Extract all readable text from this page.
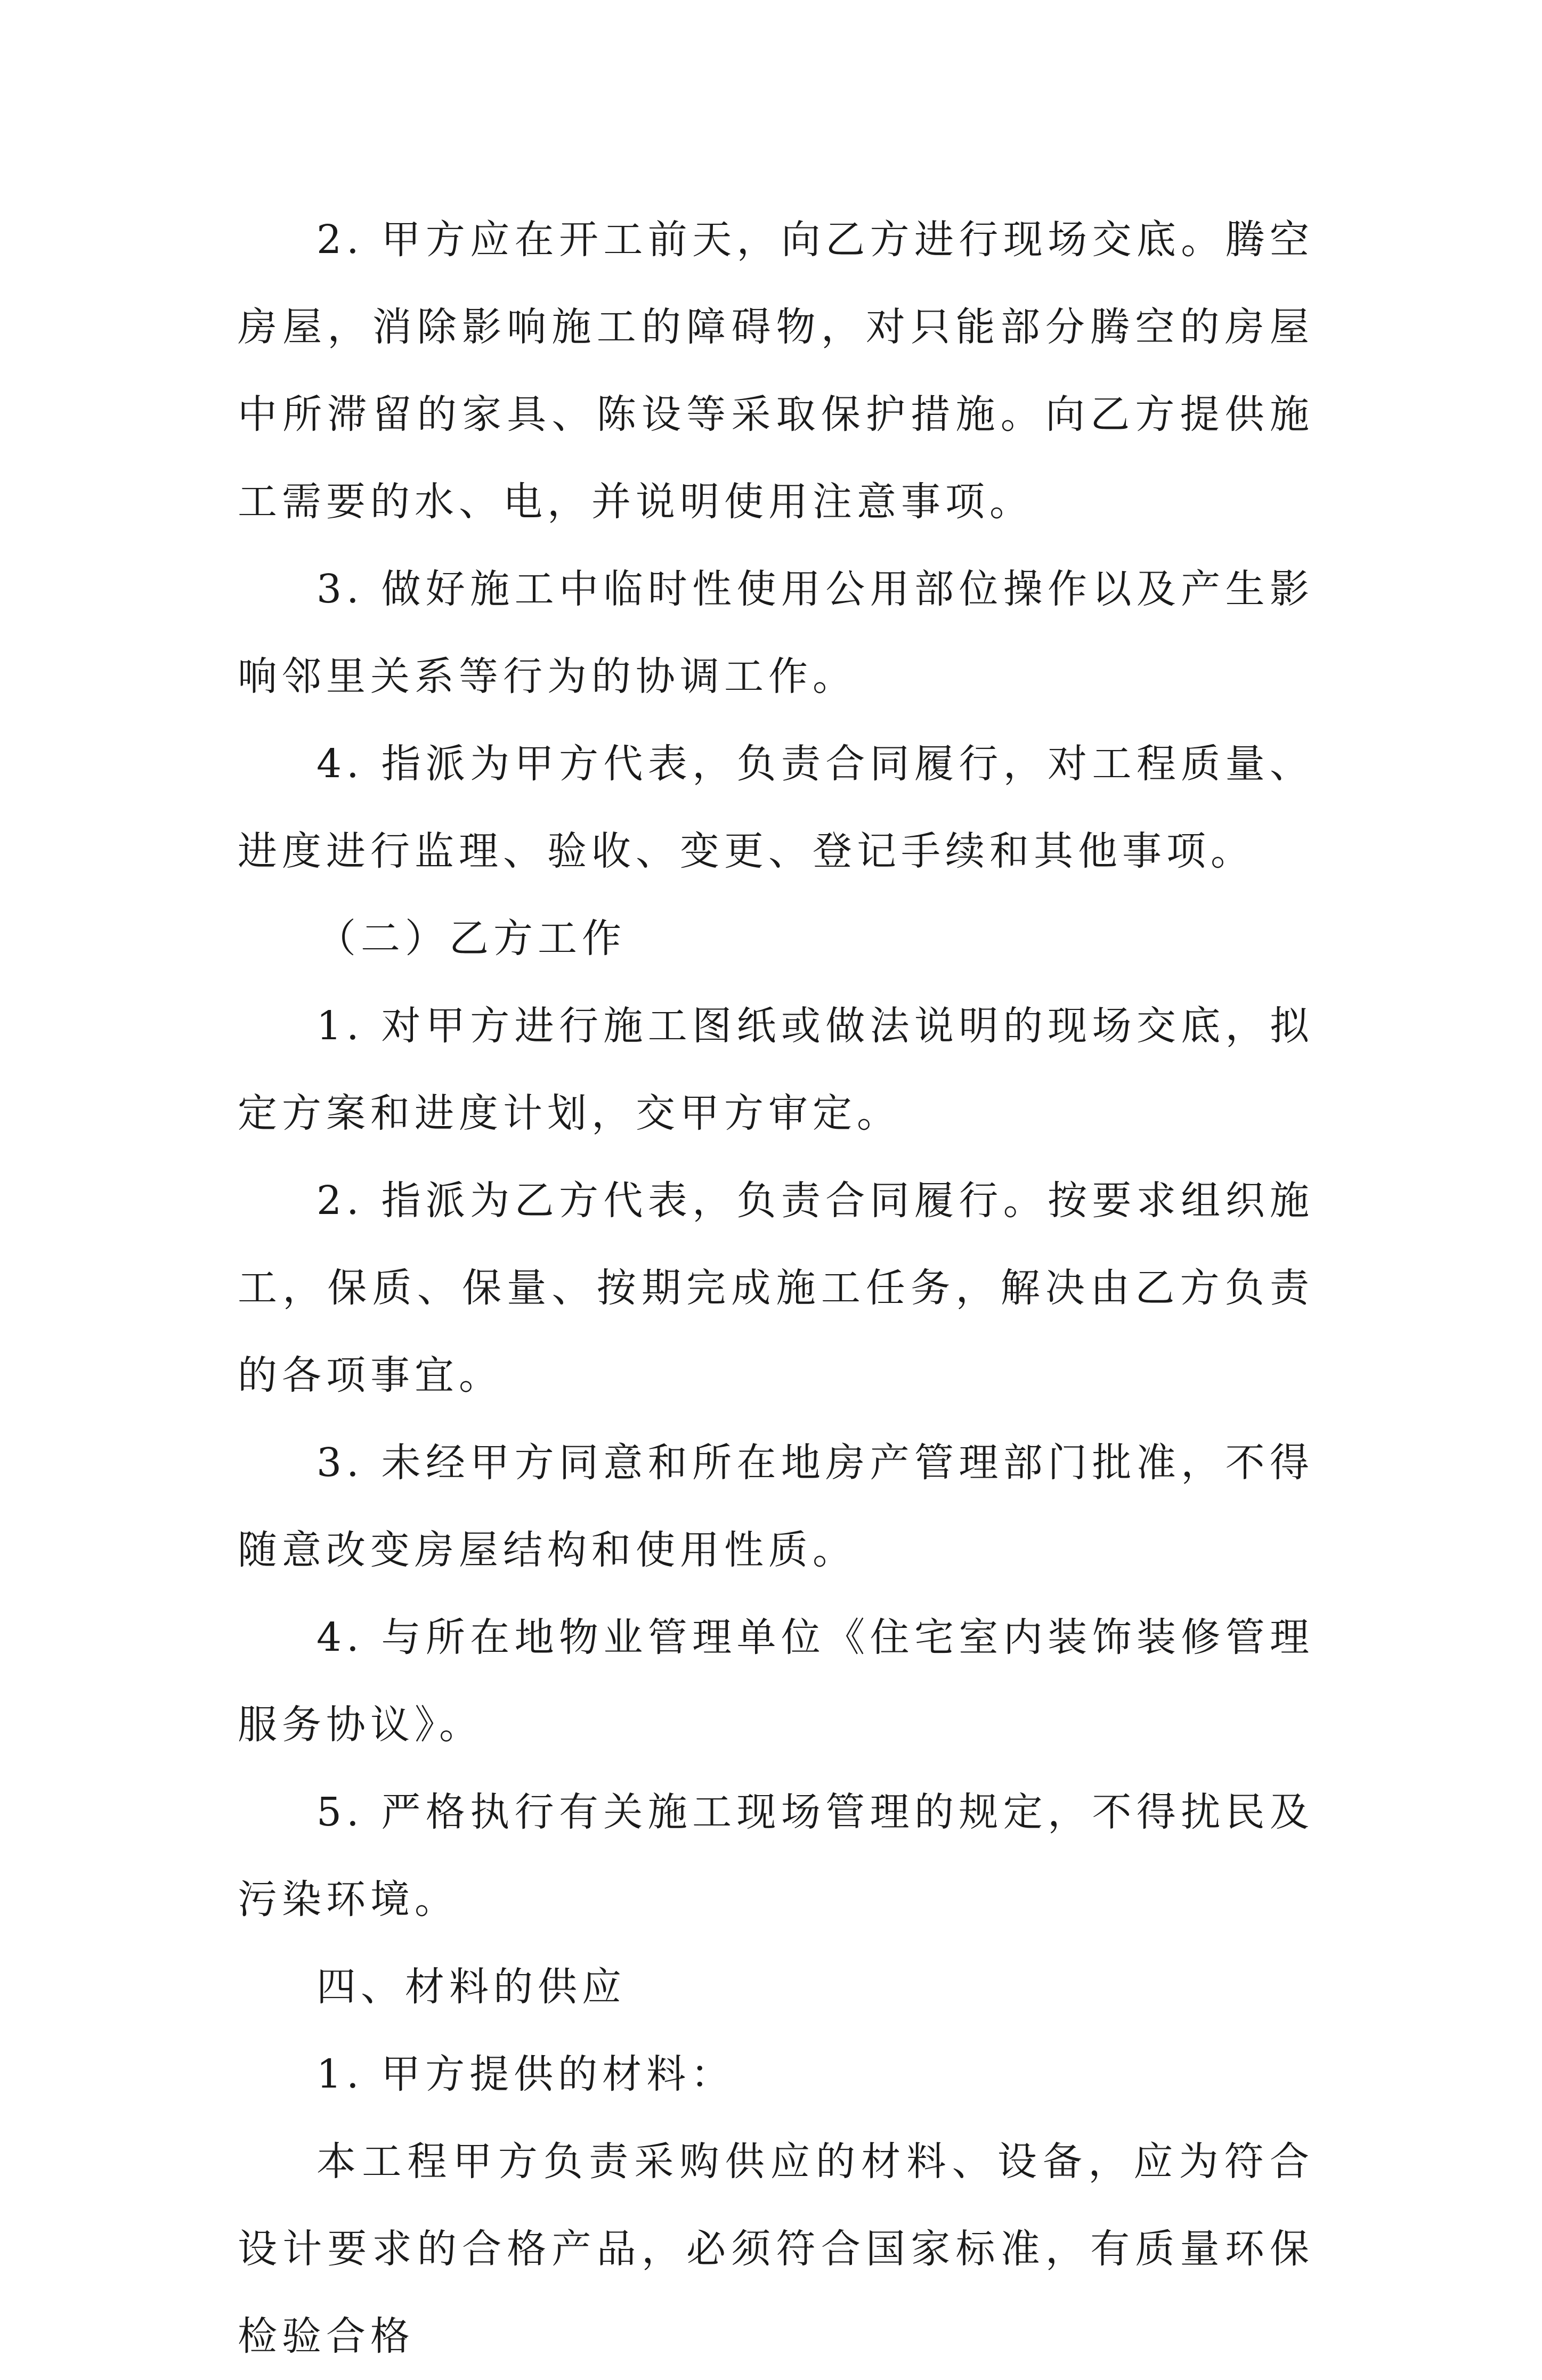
2. 甲方应在开工前天，向乙方进行现场交底。腾空房屋，消除影响施工的障碍物，对只能部分腾空的房屋中所滞留的家具、陈设等采取保护措施。向乙方提供施工需要的水、电，并说明使用注意事项。

3. 做好施工中临时性使用公用部位操作以及产生影响邻里关系等行为的协调工作。

4. 指派为甲方代表，负责合同履行，对工程质量、进度进行监理、验收、变更、登记手续和其他事项。

（二）乙方工作

1. 对甲方进行施工图纸或做法说明的现场交底，拟定方案和进度计划，交甲方审定。

2. 指派为乙方代表，负责合同履行。按要求组织施工，保质、保量、按期完成施工任务，解决由乙方负责的各项事宜。

3. 未经甲方同意和所在地房产管理部门批准，不得随意改变房屋结构和使用性质。

4. 与所在地物业管理单位《住宅室内装饰装修管理服务协议》。

5. 严格执行有关施工现场管理的规定，不得扰民及污染环境。

四、材料的供应

1. 甲方提供的材料：

本工程甲方负责采购供应的材料、设备，应为符合设计要求的合格产品，必须符合国家标准，有质量环保检验合格
